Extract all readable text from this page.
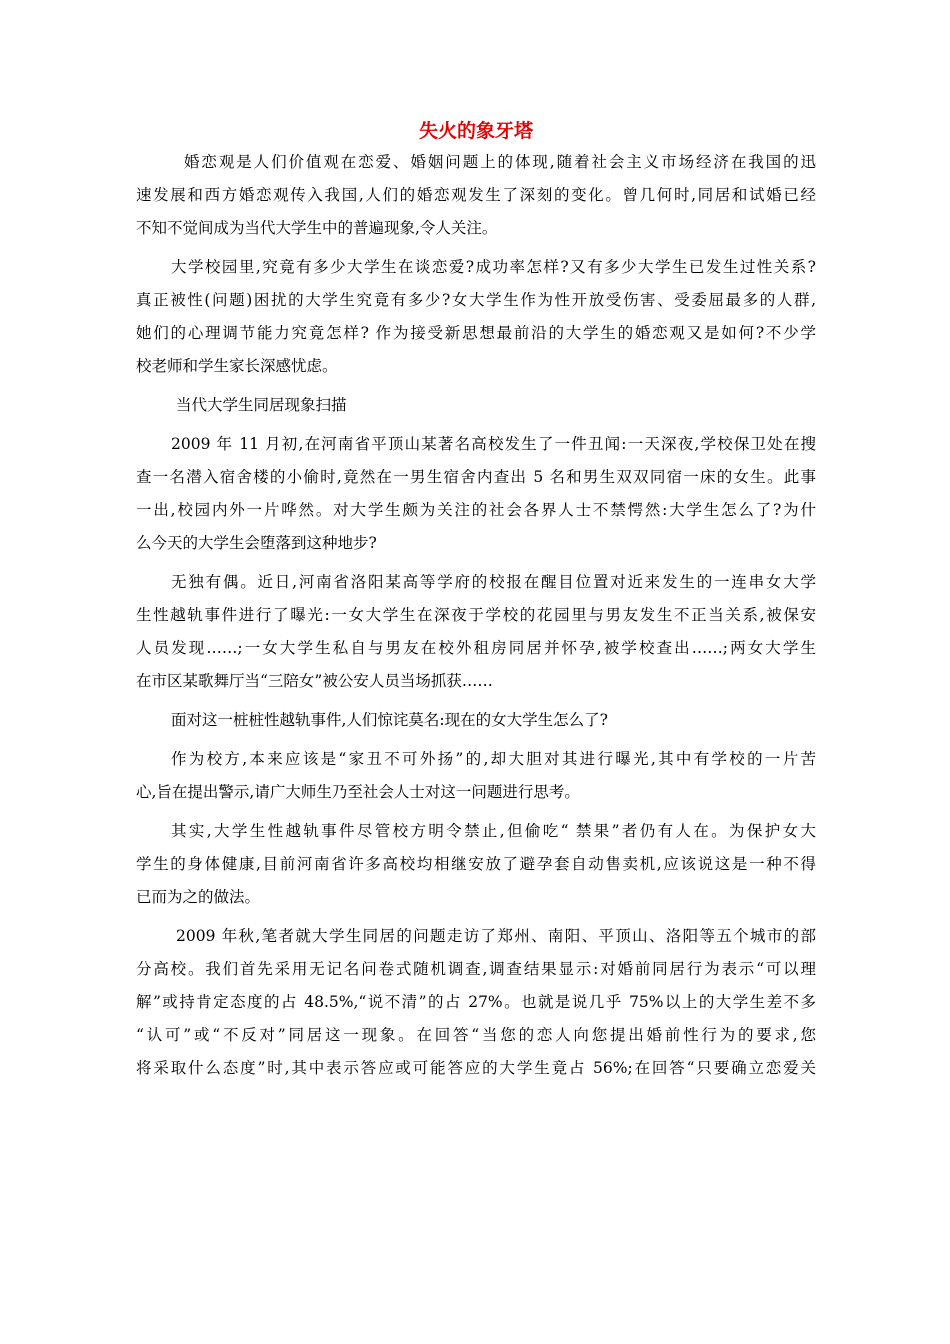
失火的象牙塔
婚恋观是人们价值观在恋爱、婚姻问题上的体现,随着社会主义市场经济在我国的迅
速发展和西方婚恋观传入我国,人们的婚恋观发生了深刻的变化。曾几何时,同居和试婚已经
不知不觉间成为当代大学生中的普遍现象,令人关注。
大学校园里,究竟有多少大学生在谈恋爱?成功率怎样?又有多少大学生已发生过性关系?
真正被性(问题)困扰的大学生究竟有多少?女大学生作为性开放受伤害、受委屈最多的人群,
她们的心理调节能力究竟怎样? 作为接受新思想最前沿的大学生的婚恋观又是如何?不少学
校老师和学生家长深感忧虑。
当代大学生同居现象扫描
2009 年 11 月初,在河南省平顶山某著名高校发生了一件丑闻:一天深夜,学校保卫处在搜
查一名潜入宿舍楼的小偷时,竟然在一男生宿舍内查出 5 名和男生双双同宿一床的女生。此事
一出,校园内外一片哗然。对大学生颇为关注的社会各界人士不禁愕然:大学生怎么了?为什
么今天的大学生会堕落到这种地步?
无独有偶。近日,河南省洛阳某高等学府的校报在醒目位置对近来发生的一连串女大学
生性越轨事件进行了曝光:一女大学生在深夜于学校的花园里与男友发生不正当关系,被保安
人员发现……;一女大学生私自与男友在校外租房同居并怀孕,被学校查出……;两女大学生
在市区某歌舞厅当“三陪女”被公安人员当场抓获……
面对这一桩桩性越轨事件,人们惊诧莫名:现在的女大学生怎么了?
作为校方,本来应该是“家丑不可外扬”的,却大胆对其进行曝光,其中有学校的一片苦
心,旨在提出警示,请广大师生乃至社会人士对这一问题进行思考。
其实,大学生性越轨事件尽管校方明令禁止,但偷吃“ 禁果”者仍有人在。为保护女大
学生的身体健康,目前河南省许多高校均相继安放了避孕套自动售卖机,应该说这是一种不得
已而为之的做法。
2009 年秋,笔者就大学生同居的问题走访了郑州、南阳、平顶山、洛阳等五个城市的部
分高校。我们首先采用无记名问卷式随机调查,调查结果显示:对婚前同居行为表示“可以理
解”或持肯定态度的占 48.5%,“说不清”的占 27%。也就是说几乎 75%以上的大学生差不多
“认可”或“不反对”同居这一现象。在回答“当您的恋人向您提出婚前性行为的要求,您
将采取什么态度”时,其中表示答应或可能答应的大学生竟占 56%;在回答“只要确立恋爱关
